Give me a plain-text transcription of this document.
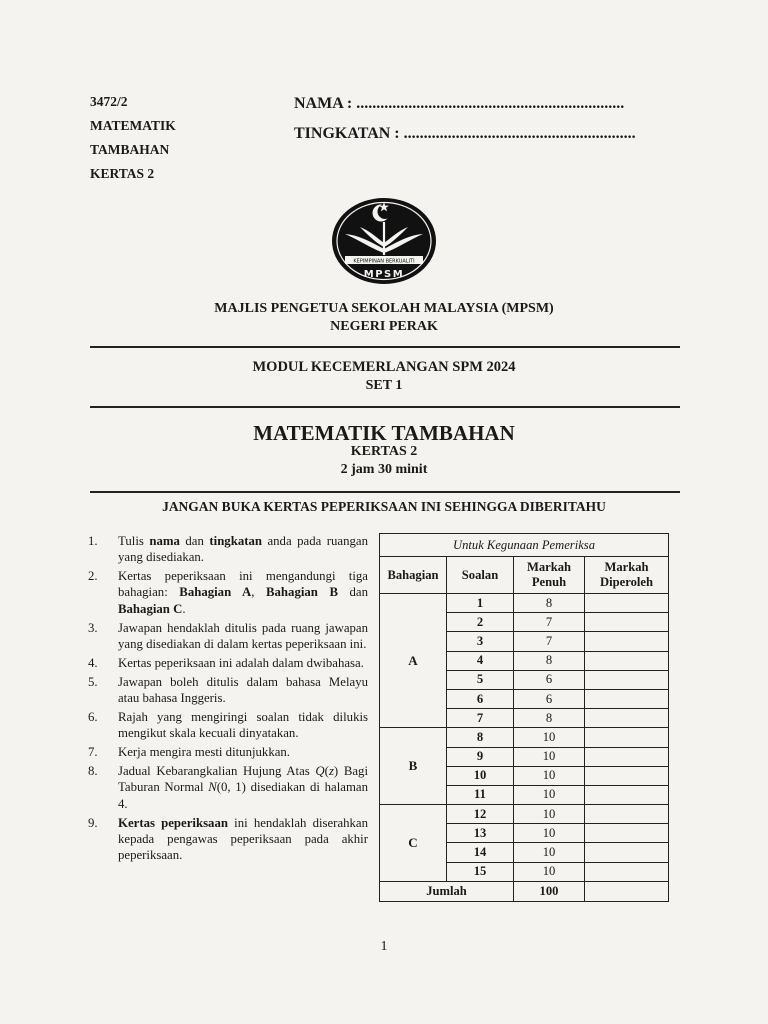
3472/2
MATEMATIK
TAMBAHAN
KERTAS 2
NAMA : ...................................................................
TINGKATAN : ..........................................................
KEPIMPINAN BERKUALITI
MPSM
MAJLIS PENGETUA SEKOLAH MALAYSIA (MPSM)
NEGERI PERAK
MODUL KECEMERLANGAN SPM 2024
SET 1
MATEMATIK TAMBAHAN
KERTAS 2
2 jam 30 minit
JANGAN BUKA KERTAS PEPERIKSAAN INI SEHINGGA DIBERITAHU
1. Tulis nama dan tingkatan anda pada ruangan yang disediakan.
2. Kertas peperiksaan ini mengandungi tiga bahagian: Bahagian A, Bahagian B dan Bahagian C.
3. Jawapan hendaklah ditulis pada ruang jawapan yang disediakan di dalam kertas peperiksaan ini.
4. Kertas peperiksaan ini adalah dalam dwibahasa.
5. Jawapan boleh ditulis dalam bahasa Melayu atau bahasa Inggeris.
6. Rajah yang mengiringi soalan tidak dilukis mengikut skala kecuali dinyatakan.
7. Kerja mengira mesti ditunjukkan.
8. Jadual Kebarangkalian Hujung Atas Q(z) Bagi Taburan Normal N(0, 1) disediakan di halaman 4.
9. Kertas peperiksaan ini hendaklah diserahkan kepada pengawas peperiksaan pada akhir peperiksaan.
Untuk Kegunaan Pemeriksa			
Bahagian	Soalan	Markah Penuh	Markah Diperoleh
A	1	8	
	2	7	
	3	7	
	4	8	
	5	6	
	6	6	
	7	8	
B	8	10	
	9	10	
	10	10	
	11	10	
C	12	10	
	13	10	
	14	10	
	15	10	
Jumlah		100	
1
